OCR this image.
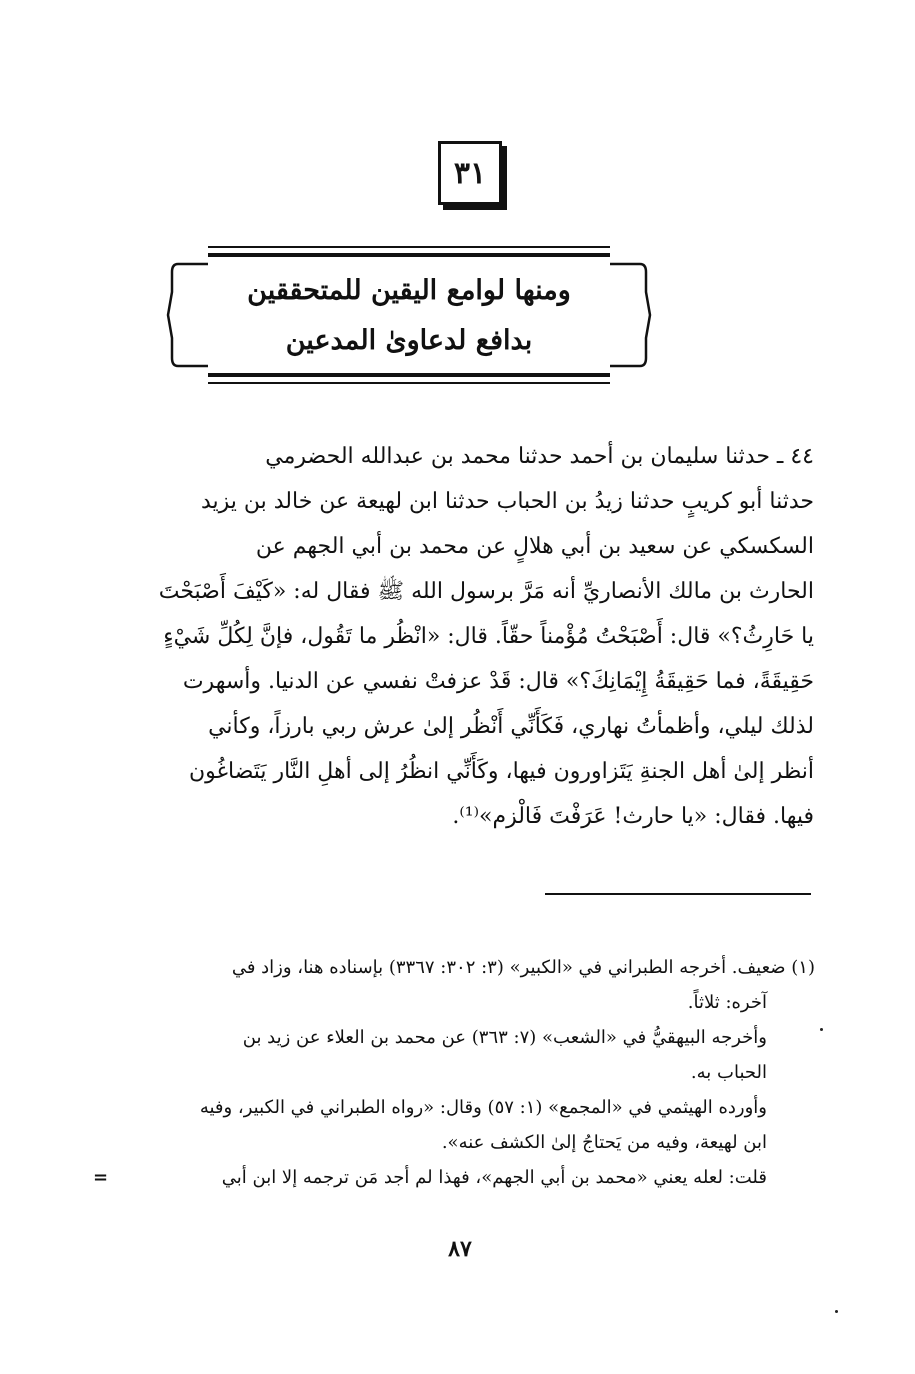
٣١
ومنها لوامع اليقين للمتحققين
بدافع لدعاوىٰ المدعين

٤٤ ـ حدثنا سليمان بن أحمد حدثنا محمد بن عبدالله الحضرمي

حدثنا أبو كريبٍ حدثنا زيدُ بن الحباب حدثنا ابن لهيعة عن خالد بن يزيد

السكسكي عن سعيد بن أبي هلالٍ عن محمد بن أبي الجهم عن

الحارث بن مالك الأنصاريِّ أنه مَرَّ برسول الله ﷺ فقال له: «كَيْفَ أَصْبَحْتَ

يا حَارِثُ؟» قال: أَصْبَحْتُ مُؤْمناً حقّاً. قال: «انْظُر ما تَقُول، فإنَّ لِكُلِّ شَيْءٍ

حَقِيقَةً، فما حَقِيقَةُ إِيْمَانِكَ؟» قال: قَدْ عزفتْ نفسي عن الدنيا. وأسهرت

لذلك ليلي، وأظمأتُ نهاري، فَكَأَنِّي أَنْظُر إلىٰ عرش ربي بارزاً، وكأني

أنظر إلىٰ أهل الجنةِ يَتَزاورون فيها، وكَأَنِّي انظُرُ إلى أهلِ النَّار يَتَضاغُون

فيها. فقال: «يا حارث! عَرَفْتَ فَالْزم»⁽¹⁾.

(١) ضعيف. أخرجه الطبراني في «الكبير» (٣: ٣٠٢: ٣٣٦٧) بإسناده هنا، وزاد في
آخره: ثلاثاً.
وأخرجه البيهقيُّ في «الشعب» (٧: ٣٦٣) عن محمد بن العلاء عن زيد بن
الحباب به.
وأورده الهيثمي في «المجمع» (١: ٥٧) وقال: «رواه الطبراني في الكبير، وفيه
ابن لهيعة، وفيه من يَحتاجُ إلىٰ الكشف عنه».
قلت: لعله يعني «محمد بن أبي الجهم»، فهذا لم أجد مَن ترجمه إلا ابن أبي
=
٨٧
